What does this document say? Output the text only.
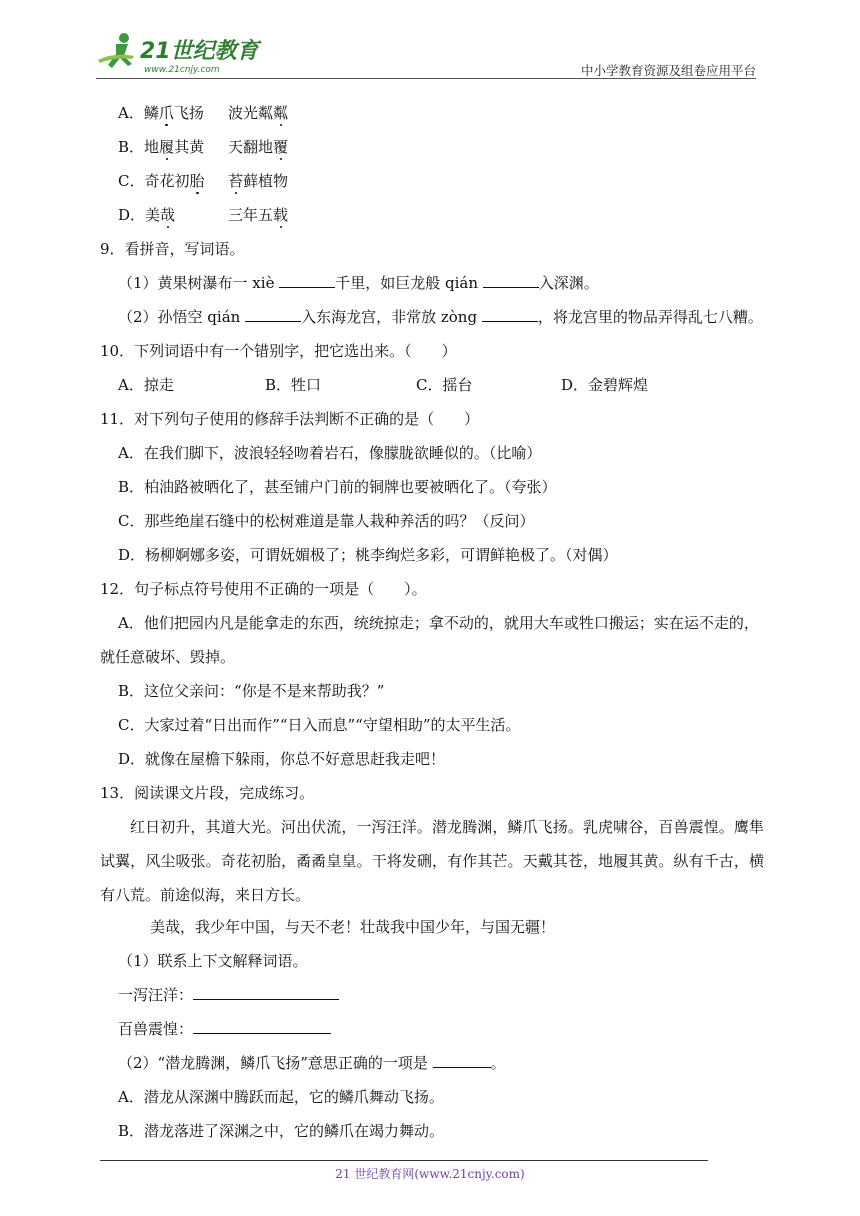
21世纪教育
www.21cnjy.com	中小学教育资源及组卷应用平台
A．鳞爪飞扬 波光粼粼
B．地履其黄 天翻地覆
C．奇花初胎 苔藓植物
D．美哉	三年五载
9．看拼音，写词语。
（1）黄果树瀑布一 xiè	千里，如巨龙般 qián	入深渊。
（2）孙悟空 qián	入东海龙宫，非常放 zòng	，将龙宫里的物品弄得乱七八糟。
10．下列词语中有一个错别字，把它选出来。（　　）
A．掠走	B．牲口	C．摇台	D．金碧辉煌
11．对下列句子使用的修辞手法判断不正确的是（　　）
A．在我们脚下，波浪轻轻吻着岩石，像朦胧欲睡似的。（比喻）
B．柏油路被晒化了，甚至铺户门前的铜牌也要被晒化了。（夸张）
C．那些绝崖石缝中的松树难道是靠人栽种养活的吗？（反问）
D．杨柳婀娜多姿，可谓妩媚极了；桃李绚烂多彩，可谓鲜艳极了。（对偶）
12．句子标点符号使用不正确的一项是（　　）。
A．他们把园内凡是能拿走的东西，统统掠走；拿不动的，就用大车或牲口搬运；实在运不走的，
就任意破坏、毁掉。
B．这位父亲问：“你是不是来帮助我？”
C．大家过着“日出而作”“日入而息”“守望相助”的太平生活。
D．就像在屋檐下躲雨，你总不好意思赶我走吧！
13．阅读课文片段，完成练习。
红日初升，其道大光。河出伏流，一泻汪洋。潜龙腾渊，鳞爪飞扬。乳虎啸谷，百兽震惶。鹰隼试翼，风尘吸张。奇花初胎，矞矞皇皇。干将发硎，有作其芒。天戴其苍，地履其黄。纵有千古，横有八荒。前途似海，来日方长。
美哉，我少年中国，与天不老！壮哉我中国少年，与国无疆！
（1）联系上下文解释词语。
一泻汪洋：
百兽震惶：
（2）“潜龙腾渊，鳞爪飞扬”意思正确的一项是	。
A．潜龙从深渊中腾跃而起，它的鳞爪舞动飞扬。
B．潜龙落进了深渊之中，它的鳞爪在竭力舞动。
21 世纪教育网(www.21cnjy.com)
